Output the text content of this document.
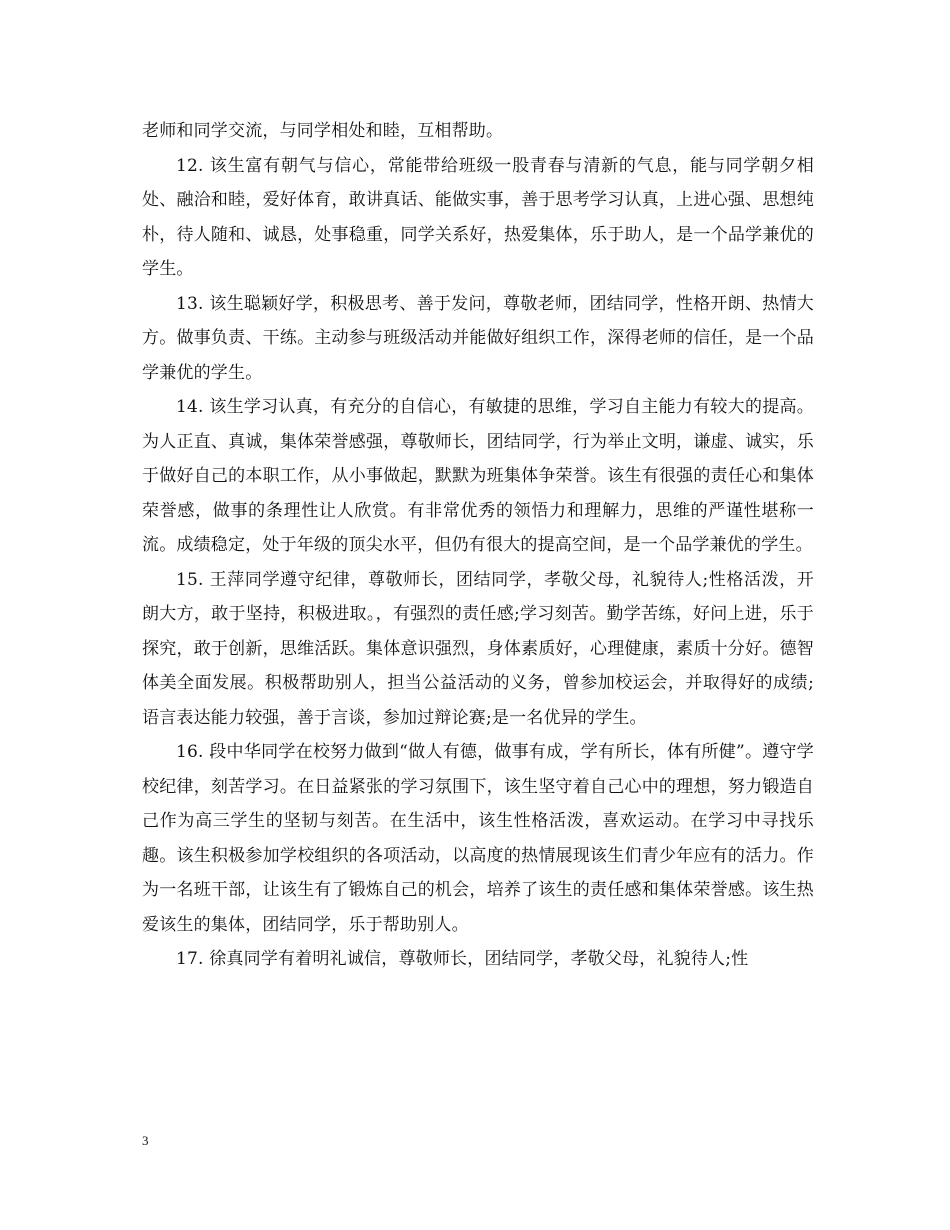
老师和同学交流，与同学相处和睦，互相帮助。

12. 该生富有朝气与信心，常能带给班级一股青春与清新的气息，能与同学朝夕相处、融洽和睦，爱好体育，敢讲真话、能做实事，善于思考学习认真，上进心强、思想纯朴，待人随和、诚恳，处事稳重，同学关系好，热爱集体，乐于助人，是一个品学兼优的学生。

13. 该生聪颖好学，积极思考、善于发问，尊敬老师，团结同学，性格开朗、热情大方。做事负责、干练。主动参与班级活动并能做好组织工作，深得老师的信任，是一个品学兼优的学生。

14. 该生学习认真，有充分的自信心，有敏捷的思维，学习自主能力有较大的提高。为人正直、真诚，集体荣誉感强，尊敬师长，团结同学，行为举止文明，谦虚、诚实，乐于做好自己的本职工作，从小事做起，默默为班集体争荣誉。该生有很强的责任心和集体荣誉感，做事的条理性让人欣赏。有非常优秀的领悟力和理解力，思维的严谨性堪称一流。成绩稳定，处于年级的顶尖水平，但仍有很大的提高空间，是一个品学兼优的学生。

15. 王萍同学遵守纪律，尊敬师长，团结同学，孝敬父母，礼貌待人;性格活泼，开朗大方，敢于坚持，积极进取。，有强烈的责任感;学习刻苦。勤学苦练，好问上进，乐于探究，敢于创新，思维活跃。集体意识强烈，身体素质好，心理健康，素质十分好。德智体美全面发展。积极帮助别人，担当公益活动的义务，曾参加校运会，并取得好的成绩;语言表达能力较强，善于言谈，参加过辩论赛;是一名优异的学生。

16. 段中华同学在校努力做到“做人有德，做事有成，学有所长，体有所健”。遵守学校纪律，刻苦学习。在日益紧张的学习氛围下，该生坚守着自己心中的理想，努力锻造自己作为高三学生的坚韧与刻苦。在生活中，该生性格活泼，喜欢运动。在学习中寻找乐趣。该生积极参加学校组织的各项活动，以高度的热情展现该生们青少年应有的活力。作为一名班干部，让该生有了锻炼自己的机会，培养了该生的责任感和集体荣誉感。该生热爱该生的集体，团结同学，乐于帮助别人。

17. 徐真同学有着明礼诚信，尊敬师长，团结同学，孝敬父母，礼貌待人;性

3
